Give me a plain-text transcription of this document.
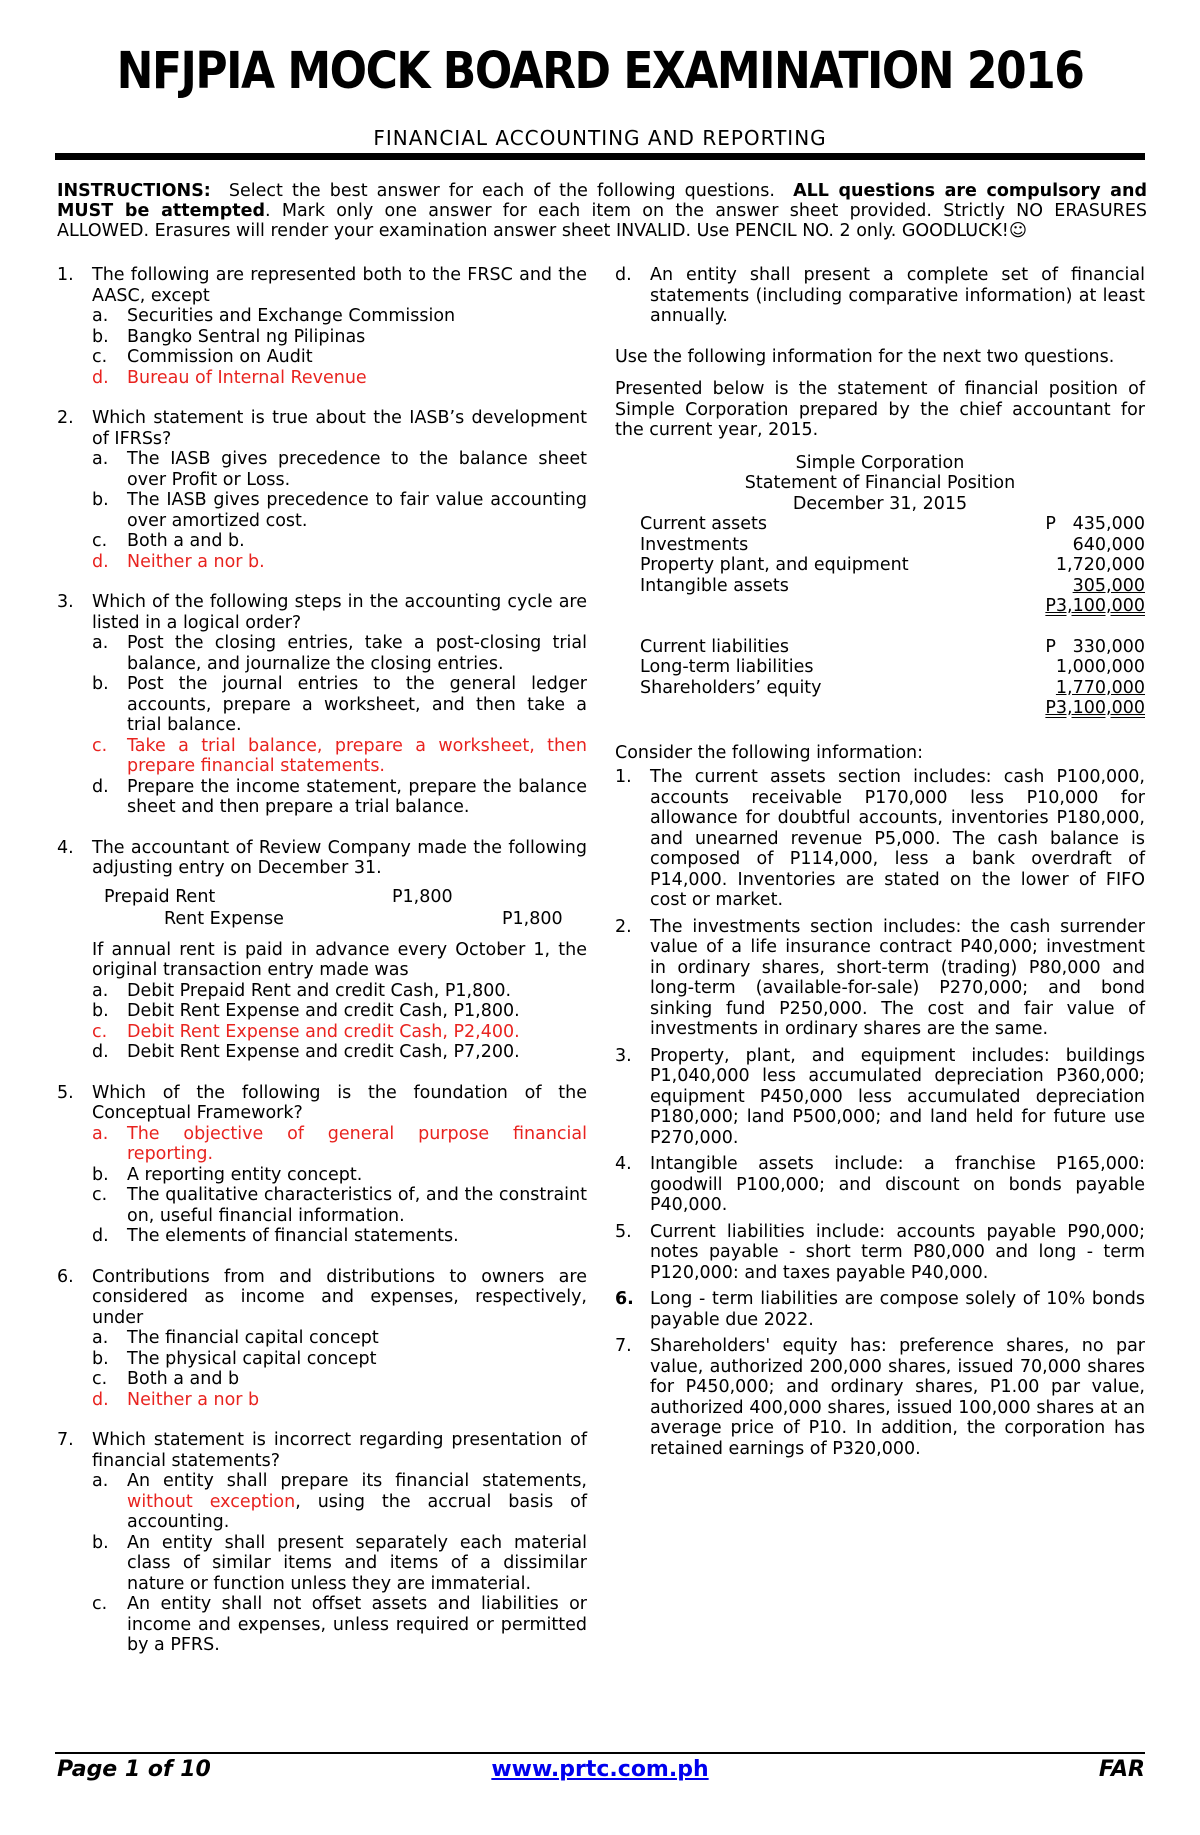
NFJPIA MOCK BOARD EXAMINATION 2016
FINANCIAL ACCOUNTING AND REPORTING
INSTRUCTIONS: Select the best answer for each of the following questions. ALL questions are compulsory and MUST be attempted. Mark only one answer for each item on the answer sheet provided. Strictly NO ERASURES ALLOWED. Erasures will render your examination answer sheet INVALID. Use PENCIL NO. 2 only. GOODLUCK!☺
1.	The following are represented both to the FRSC and the AASC, except
a.	Securities and Exchange Commission
b.	Bangko Sentral ng Pilipinas
c.	Commission on Audit
d.	Bureau of Internal Revenue
2.	Which statement is true about the IASB’s development of IFRSs?
a.	The IASB gives precedence to the balance sheet over Profit or Loss.
b.	The IASB gives precedence to fair value accounting over amortized cost.
c.	Both a and b.
d.	Neither a nor b.
3.	Which of the following steps in the accounting cycle are listed in a logical order?
a.	Post the closing entries, take a post-closing trial balance, and journalize the closing entries.
b.	Post the journal entries to the general ledger accounts, prepare a worksheet, and then take a trial balance.
c.	Take a trial balance, prepare a worksheet, then prepare financial statements.
d.	Prepare the income statement, prepare the balance sheet and then prepare a trial balance.
4.	The accountant of Review Company made the following adjusting entry on December 31.
Prepaid Rent	P1,800
Rent Expense	P1,800
If annual rent is paid in advance every October 1, the original transaction entry made was
a.	Debit Prepaid Rent and credit Cash, P1,800.
b.	Debit Rent Expense and credit Cash, P1,800.
c.	Debit Rent Expense and credit Cash, P2,400.
d.	Debit Rent Expense and credit Cash, P7,200.
5.	Which of the following is the foundation of the Conceptual Framework?
a.	The objective of general purpose financial reporting.
b.	A reporting entity concept.
c.	The qualitative characteristics of, and the constraint on, useful financial information.
d.	The elements of financial statements.
6.	Contributions from and distributions to owners are considered as income and expenses, respectively, under
a.	The financial capital concept
b.	The physical capital concept
c.	Both a and b
d.	Neither a nor b
7.	Which statement is incorrect regarding presentation of financial statements?
a.	An entity shall prepare its financial statements, without exception, using the accrual basis of accounting.
b.	An entity shall present separately each material class of similar items and items of a dissimilar nature or function unless they are immaterial.
c.	An entity shall not offset assets and liabilities or income and expenses, unless required or permitted by a PFRS.
d.	An entity shall present a complete set of financial statements (including comparative information) at least annually.
Use the following information for the next two questions.
Presented below is the statement of financial position of Simple Corporation prepared by the chief accountant for the current year, 2015.
Simple Corporation
Statement of Financial Position
December 31, 2015
Current assets	P   435,000
Investments	640,000
Property plant, and equipment	1,720,000
Intangible assets	305,000
P3,100,000
Current liabilities	P   330,000
Long-term liabilities	1,000,000
Shareholders’ equity	1,770,000
P3,100,000
Consider the following information:
1.	The current assets section includes: cash P100,000, accounts receivable P170,000 less P10,000 for allowance for doubtful accounts, inventories P180,000, and unearned revenue P5,000. The cash balance is composed of P114,000, less a bank overdraft of P14,000. Inventories are stated on the lower of FIFO cost or market.
2.	The investments section includes: the cash surrender value of a life insurance contract P40,000; investment in ordinary shares, short-term (trading) P80,000 and long-term (available-for-sale) P270,000; and bond sinking fund P250,000. The cost and fair value of investments in ordinary shares are the same.
3.	Property, plant, and equipment includes: buildings P1,040,000 less accumulated depreciation P360,000; equipment P450,000 less accumulated depreciation P180,000; land P500,000; and land held for future use P270,000.
4.	Intangible assets include: a franchise P165,000: goodwill P100,000; and discount on bonds payable P40,000.
5.	Current liabilities include: accounts payable P90,000; notes payable - short term P80,000 and long - term P120,000: and taxes payable P40,000.
6. Long - term liabilities are compose solely of 10% bonds payable due 2022.
7.	Shareholders' equity has: preference shares, no par value, authorized 200,000 shares, issued 70,000 shares for P450,000; and ordinary shares, P1.00 par value, authorized 400,000 shares, issued 100,000 shares at an average price of P10. In addition, the corporation has retained earnings of P320,000.
Page 1 of 10	www.prtc.com.ph	FAR
